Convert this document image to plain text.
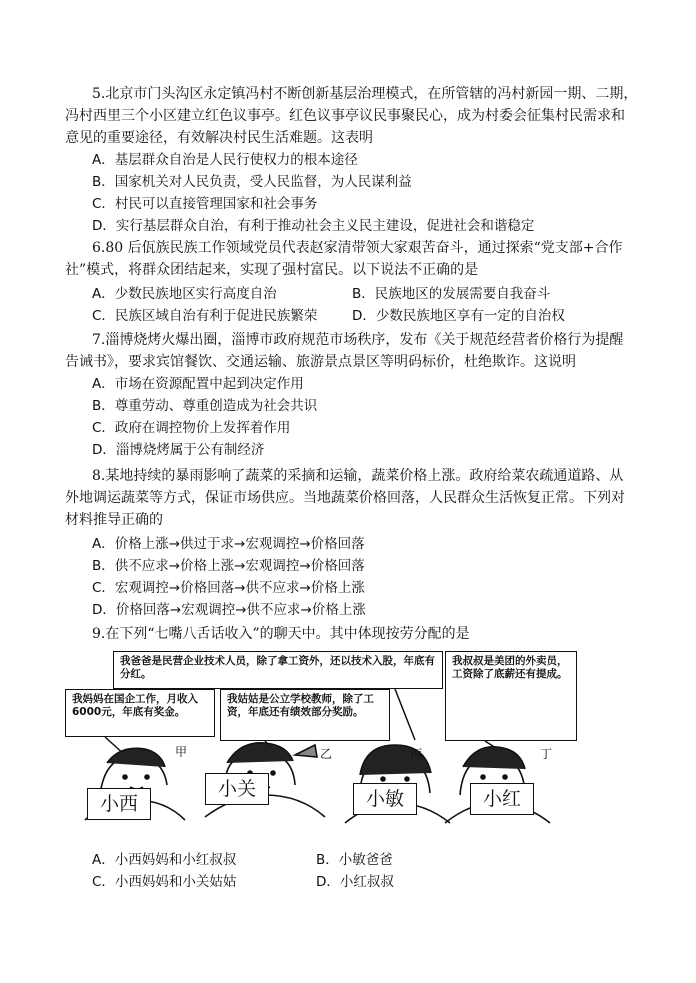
5.北京市门头沟区永定镇冯村不断创新基层治理模式，在所管辖的冯村新园一期、二期，
冯村西里三个小区建立红色议事亭。红色议事亭议民事聚民心，成为村委会征集村民需求和
意见的重要途径，有效解决村民生活难题。这表明
A．基层群众自治是人民行使权力的根本途径
B．国家机关对人民负责，受人民监督，为人民谋利益
C．村民可以直接管理国家和社会事务
D．实行基层群众自治，有利于推动社会主义民主建设，促进社会和谐稳定
6.80 后佤族民族工作领域党员代表赵家清带领大家艰苦奋斗，通过探索“党支部+合作
社”模式，将群众团结起来，实现了强村富民。以下说法不正确的是
A．少数民族地区实行高度自治	B．民族地区的发展需要自我奋斗
C．民族区域自治有利于促进民族繁荣	D．少数民族地区享有一定的自治权
7.淄博烧烤火爆出圈，淄博市政府规范市场秩序，发布《关于规范经营者价格行为提醒
告诫书》，要求宾馆餐饮、交通运输、旅游景点景区等明码标价，杜绝欺诈。这说明
A．市场在资源配置中起到决定作用
B．尊重劳动、尊重创造成为社会共识
C．政府在调控物价上发挥着作用
D．淄博烧烤属于公有制经济
8.某地持续的暴雨影响了蔬菜的采摘和运输，蔬菜价格上涨。政府给菜农疏通道路、从
外地调运蔬菜等方式，保证市场供应。当地蔬菜价格回落，人民群众生活恢复正常。下列对
材料推导正确的
A．价格上涨→供过于求→宏观调控→价格回落
B．供不应求→价格上涨→宏观调控→价格回落
C．宏观调控→价格回落→供不应求→价格上涨
D．价格回落→宏观调控→供不应求→价格上涨
9.在下列“七嘴八舌话收入”的聊天中。其中体现按劳分配的是
我爸爸是民营企业技术人员，除了拿工资外，还以技术入股，年底有分红。
我妈妈在国企工作，月收入6000元，年底有奖金。
我姑姑是公立学校教师，除了工资，年底还有绩效部分奖励。
我叔叔是美团的外卖员，工资除了底薪还有提成。
甲	乙	丙	丁
小西
小关	小敏	小红
A．小西妈妈和小红叔叔	B．小敏爸爸
C．小西妈妈和小关姑姑	D．小红叔叔
